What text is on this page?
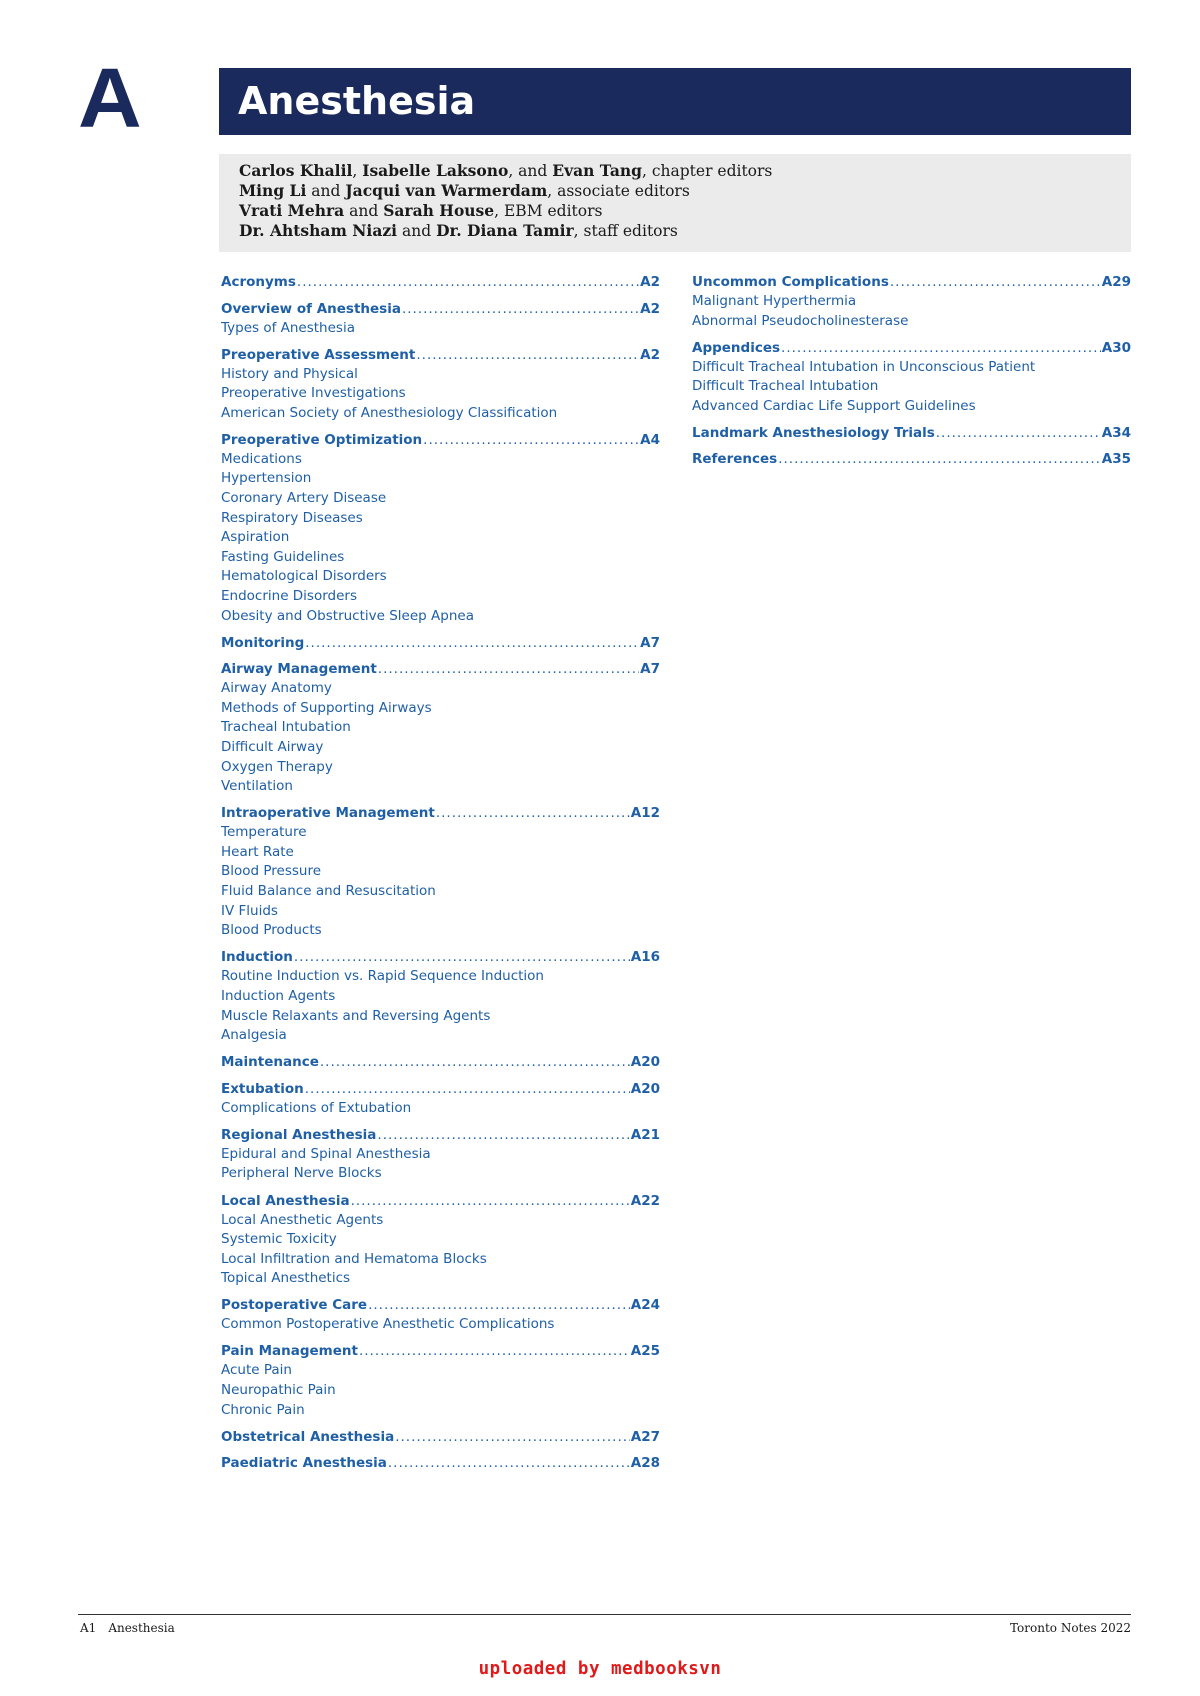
A	Anesthesia
Carlos Khalil, Isabelle Laksono, and Evan Tang, chapter editors
Ming Li and Jacqui van Warmerdam, associate editors
Vrati Mehra and Sarah House, EBM editors
Dr. Ahtsham Niazi and Dr. Diana Tamir, staff editors
Acronyms .....	A2
Overview of Anesthesia .....	A2
Types of Anesthesia
Preoperative Assessment .....	A2
History and Physical
Preoperative Investigations
American Society of Anesthesiology Classification
Preoperative Optimization .....	A4
Medications
Hypertension
Coronary Artery Disease
Respiratory Diseases
Aspiration
Fasting Guidelines
Hematological Disorders
Endocrine Disorders
Obesity and Obstructive Sleep Apnea
Monitoring .....	A7
Airway Management .....	A7
Airway Anatomy
Methods of Supporting Airways
Tracheal Intubation
Difficult Airway
Oxygen Therapy
Ventilation
Intraoperative Management .....	A12
Temperature
Heart Rate
Blood Pressure
Fluid Balance and Resuscitation
IV Fluids
Blood Products
Induction .....	A16
Routine Induction vs. Rapid Sequence Induction
Induction Agents
Muscle Relaxants and Reversing Agents
Analgesia
Maintenance .....	A20
Extubation .....	A20
Complications of Extubation
Regional Anesthesia .....	A21
Epidural and Spinal Anesthesia
Peripheral Nerve Blocks
Local Anesthesia .....	A22
Local Anesthetic Agents
Systemic Toxicity
Local Infiltration and Hematoma Blocks
Topical Anesthetics
Postoperative Care .....	A24
Common Postoperative Anesthetic Complications
Pain Management .....	A25
Acute Pain
Neuropathic Pain
Chronic Pain
Obstetrical Anesthesia .....	A27
Paediatric Anesthesia .....	A28
Uncommon Complications .....	A29
Malignant Hyperthermia
Abnormal Pseudocholinesterase
Appendices .....	A30
Difficult Tracheal Intubation in Unconscious Patient
Difficult Tracheal Intubation
Advanced Cardiac Life Support Guidelines
Landmark Anesthesiology Trials .....	A34
References .....	A35
A1 Anesthesia	Toronto Notes 2022
uploaded by medbooksvn
